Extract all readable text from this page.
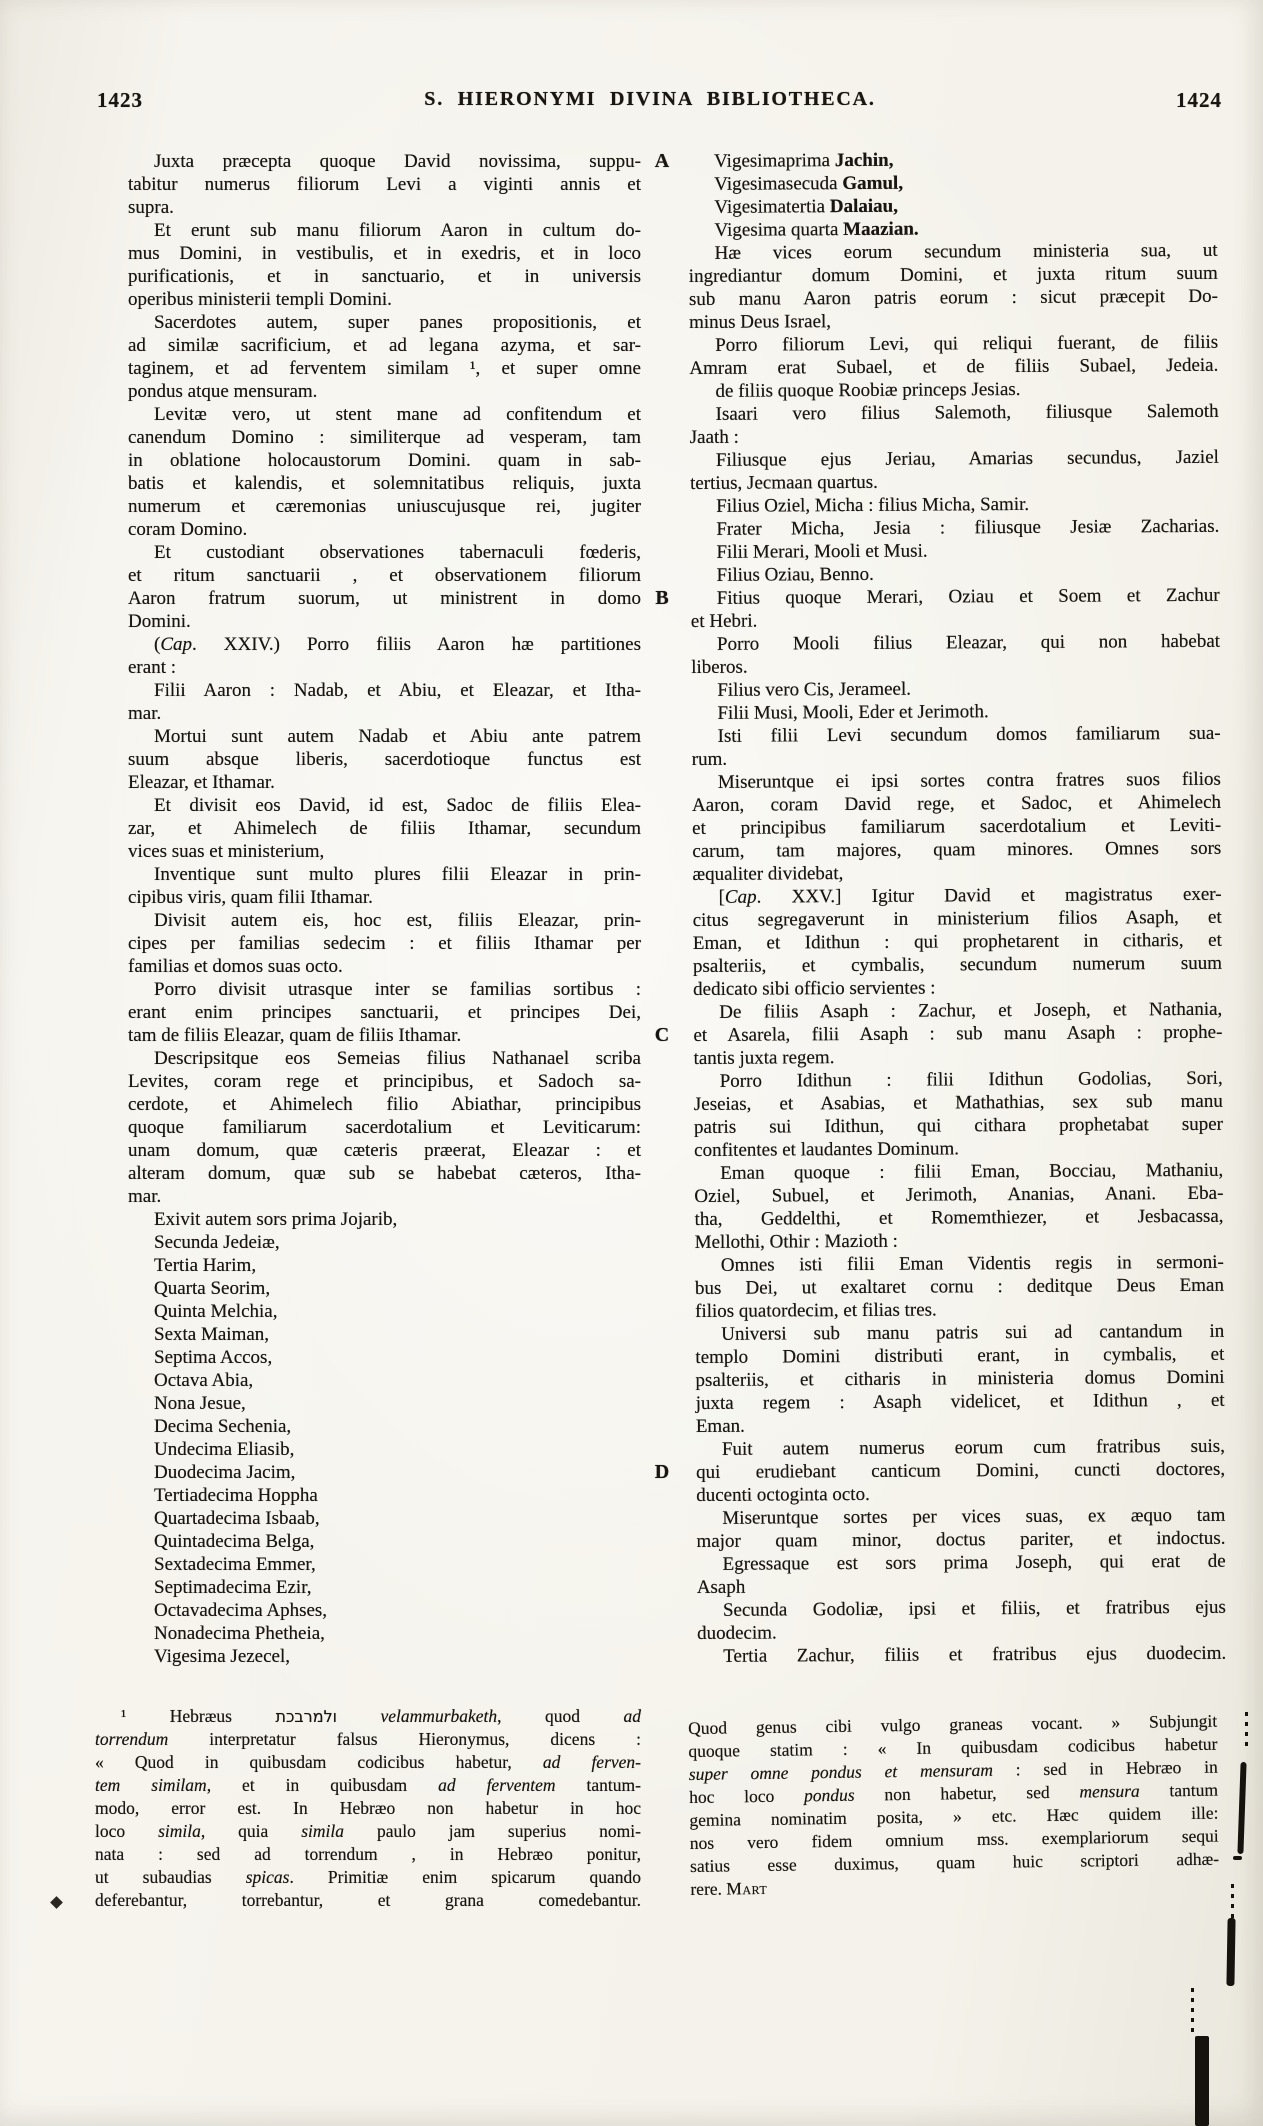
1423	S. HIERONYMI DIVINA BIBLIOTHECA.	1424
Juxta præcepta quoque David novissima, suppu-
tabitur numerus filiorum Levi a viginti annis et
supra.
Et erunt sub manu filiorum Aaron in cultum do-
mus Domini, in vestibulis, et in exedris, et in loco
purificationis, et in sanctuario, et in universis
operibus ministerii templi Domini.
Sacerdotes autem, super panes propositionis, et
ad similæ sacrificium, et ad legana azyma, et sar-
taginem, et ad ferventem similam ¹, et super omne
pondus atque mensuram.
Levitæ vero, ut stent mane ad confitendum et
canendum Domino : similiterque ad vesperam, tam
in oblatione holocaustorum Domini. quam in sab-
batis et kalendis, et solemnitatibus reliquis, juxta
numerum et cæremonias uniuscujusque rei, jugiter
coram Domino.
Et custodiant observationes tabernaculi fœderis,
et ritum sanctuarii , et observationem filiorum
Aaron fratrum suorum, ut ministrent in domo
Domini.
(Cap. XXIV.) Porro filiis Aaron hæ partitiones
erant :
Filii Aaron : Nadab, et Abiu, et Eleazar, et Itha-
mar.
Mortui sunt autem Nadab et Abiu ante patrem
suum absque liberis, sacerdotioque functus est
Eleazar, et Ithamar.
Et divisit eos David, id est, Sadoc de filiis Elea-
zar, et Ahimelech de filiis Ithamar, secundum
vices suas et ministerium,
Inventique sunt multo plures filii Eleazar in prin-
cipibus viris, quam filii Ithamar.
Divisit autem eis, hoc est, filiis Eleazar, prin-
cipes per familias sedecim : et filiis Ithamar per
familias et domos suas octo.
Porro divisit utrasque inter se familias sortibus :
erant enim principes sanctuarii, et principes Dei,
tam de filiis Eleazar, quam de filiis Ithamar.
Descripsitque eos Semeias filius Nathanael scriba
Levites, coram rege et principibus, et Sadoch sa-
cerdote, et Ahimelech filio Abiathar, principibus
quoque familiarum sacerdotalium et Leviticarum:
unam domum, quæ cæteris præerat, Eleazar : et
alteram domum, quæ sub se habebat cæteros, Itha-
mar.
Exivit autem sors prima Jojarib,
Secunda Jedeiæ,
Tertia Harim,
Quarta Seorim,
Quinta Melchia,
Sexta Maiman,
Septima Accos,
Octava Abia,
Nona Jesue,
Decima Sechenia,
Undecima Eliasib,
Duodecima Jacim,
Tertiadecima Hoppha
Quartadecima Isbaab,
Quintadecima Belga,
Sextadecima Emmer,
Septimadecima Ezir,
Octavadecima Aphses,
Nonadecima Phetheia,
Vigesima Jezecel,
Vigesimaprima Jachin,
Vigesimasecuda Gamul,
Vigesimatertia Dalaiau,
Vigesima quarta Maazian.
Hæ vices eorum secundum ministeria sua, ut
ingrediantur domum Domini, et juxta ritum suum
sub manu Aaron patris eorum : sicut præcepit Do-
minus Deus Israel,
Porro filiorum Levi, qui reliqui fuerant, de filiis
Amram erat Subael, et de filiis Subael, Jedeia.
de filiis quoque Roobiæ princeps Jesias.
Isaari vero filius Salemoth, filiusque Salemoth
Jaath :
Filiusque ejus Jeriau, Amarias secundus, Jaziel
tertius, Jecmaan quartus.
Filius Oziel, Micha : filius Micha, Samir.
Frater Micha, Jesia : filiusque Jesiæ Zacharias.
Filii Merari, Mooli et Musi.
Filius Oziau, Benno.
Fitius quoque Merari, Oziau et Soem et Zachur
et Hebri.
Porro Mooli filius Eleazar, qui non habebat
liberos.
Filius vero Cis, Jerameel.
Filii Musi, Mooli, Eder et Jerimoth.
Isti filii Levi secundum domos familiarum sua-
rum.
Miseruntque ei ipsi sortes contra fratres suos filios
Aaron, coram David rege, et Sadoc, et Ahimelech
et principibus familiarum sacerdotalium et Leviti-
carum, tam majores, quam minores. Omnes sors
æqualiter dividebat,
[Cap. XXV.] Igitur David et magistratus exer-
citus segregaverunt in ministerium filios Asaph, et
Eman, et Idithun : qui prophetarent in citharis, et
psalteriis, et cymbalis, secundum numerum suum
dedicato sibi officio servientes :
De filiis Asaph : Zachur, et Joseph, et Nathania,
et Asarela, filii Asaph : sub manu Asaph : prophe-
tantis juxta regem.
Porro Idithun : filii Idithun Godolias, Sori,
Jeseias, et Asabias, et Mathathias, sex sub manu
patris sui Idithun, qui cithara prophetabat super
confitentes et laudantes Dominum.
Eman quoque : filii Eman, Bocciau, Mathaniu,
Oziel, Subuel, et Jerimoth, Ananias, Anani. Eba-
tha, Geddelthi, et Romemthiezer, et Jesbacassa,
Mellothi, Othir : Mazioth :
Omnes isti filii Eman Videntis regis in sermoni-
bus Dei, ut exaltaret cornu : deditque Deus Eman
filios quatordecim, et filias tres.
Universi sub manu patris sui ad cantandum in
templo Domini distributi erant, in cymbalis, et
psalteriis, et citharis in ministeria domus Domini
juxta regem : Asaph videlicet, et Idithun , et
Eman.
Fuit autem numerus eorum cum fratribus suis,
qui erudiebant canticum Domini, cuncti doctores,
ducenti octoginta octo.
Miseruntque sortes per vices suas, ex æquo tam
major quam minor, doctus pariter, et indoctus.
Egressaque est sors prima Joseph, qui erat de
Asaph
Secunda Godoliæ, ipsi et filiis, et fratribus ejus
duodecim.
Tertia Zachur, filiis et fratribus ejus duodecim.
A
B
C
D
¹ Hebræus ולמרבכת velammurbaketh, quod ad
torrendum interpretatur falsus Hieronymus, dicens :
« Quod in quibusdam codicibus habetur, ad ferven-
tem similam, et in quibusdam ad ferventem tantum-
modo, error est. In Hebræo non habetur in hoc
loco simila, quia simila paulo jam superius nomi-
nata : sed ad torrendum , in Hebræo ponitur,
ut subaudias spicas. Primitiæ enim spicarum quando
deferebantur, torrebantur, et grana comedebantur.
Quod genus cibi vulgo graneas vocant. » Subjungit
quoque statim : « In quibusdam codicibus habetur
super omne pondus et mensuram : sed in Hebræo in
hoc loco pondus non habetur, sed mensura tantum
gemina nominatim posita, » etc. Hæc quidem ille:
nos vero fidem omnium mss. exemplariorum sequi
satius esse duximus, quam huic scriptori adhæ-
rere. Mart
